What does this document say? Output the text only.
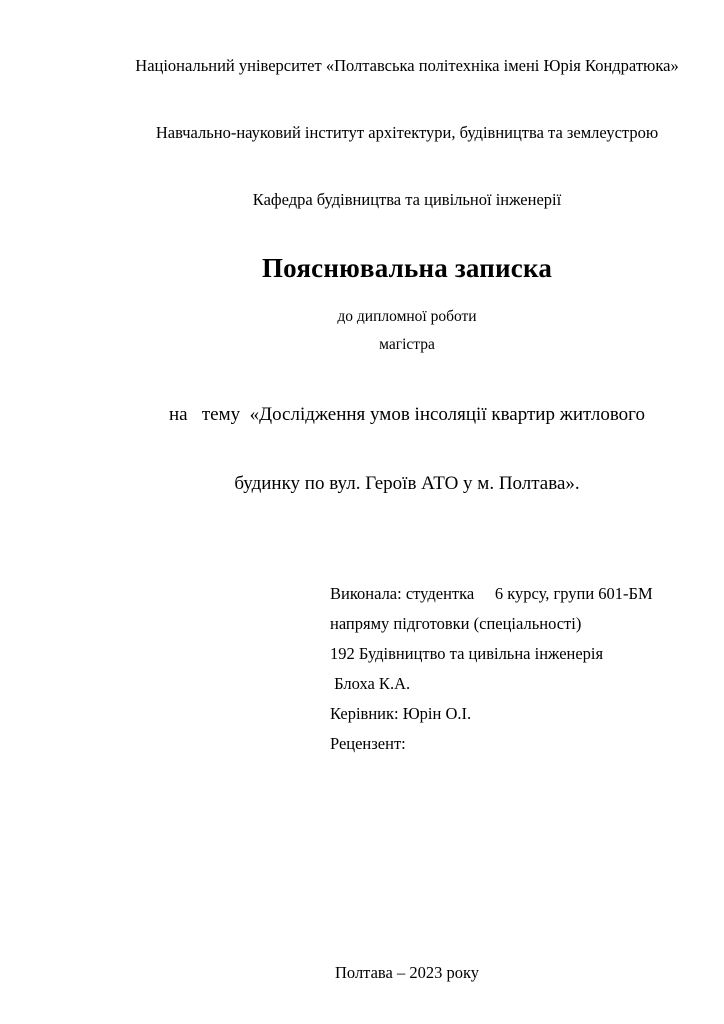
Національний університет «Полтавська політехніка імені Юрія Кондратюка»

Навчально-науковий інститут архітектури, будівництва та землеустрою

Кафедра будівництва та цивільної інженерії

Пояснювальна записка
до дипломної роботи
магістра

на   тему  «Дослідження умов інсоляції квартир житлового

будинку по вул. Героїв АТО у м. Полтава».

Виконала: студентка     6 курсу, групи 601-БМ
напряму підготовки (спеціальності)
192 Будівництво та цивільна інженерія
Блоха К.А.
Керівник: Юрін О.І.
Рецензент:
Полтава – 2023 року
